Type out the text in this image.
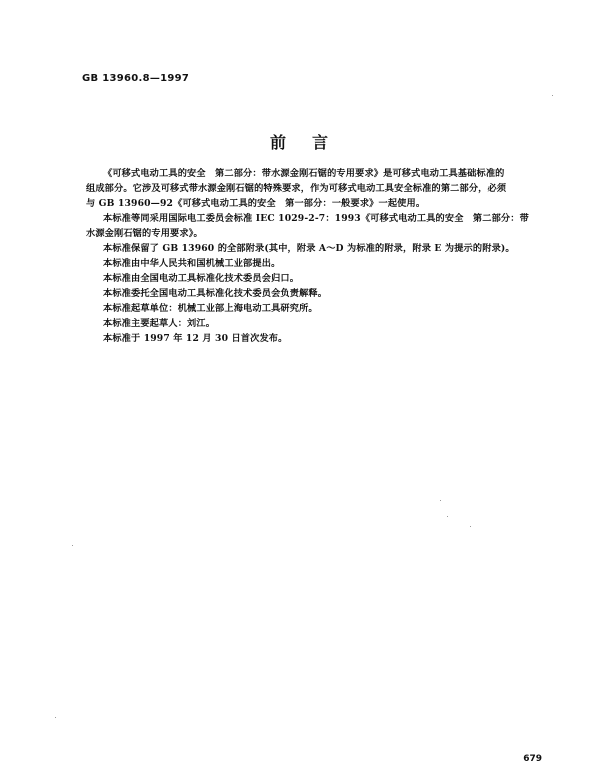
GB 13960.8—1997
前 言
《可移式电动工具的安全　第二部分：带水源金刚石锯的专用要求》是可移式电动工具基础标准的
组成部分。它涉及可移式带水源金刚石锯的特殊要求，作为可移式电动工具安全标准的第二部分，必须
与 GB 13960—92《可移式电动工具的安全　第一部分：一般要求》一起使用。
本标准等同采用国际电工委员会标准 IEC 1029-2-7：1993《可移式电动工具的安全　第二部分：带
水源金刚石锯的专用要求》。
本标准保留了 GB 13960 的全部附录(其中，附录 A～D 为标准的附录，附录 E 为提示的附录)。
本标准由中华人民共和国机械工业部提出。
本标准由全国电动工具标准化技术委员会归口。
本标准委托全国电动工具标准化技术委员会负责解释。
本标准起草单位：机械工业部上海电动工具研究所。
本标准主要起草人：刘江。
本标准于 1997 年 12 月 30 日首次发布。
679
